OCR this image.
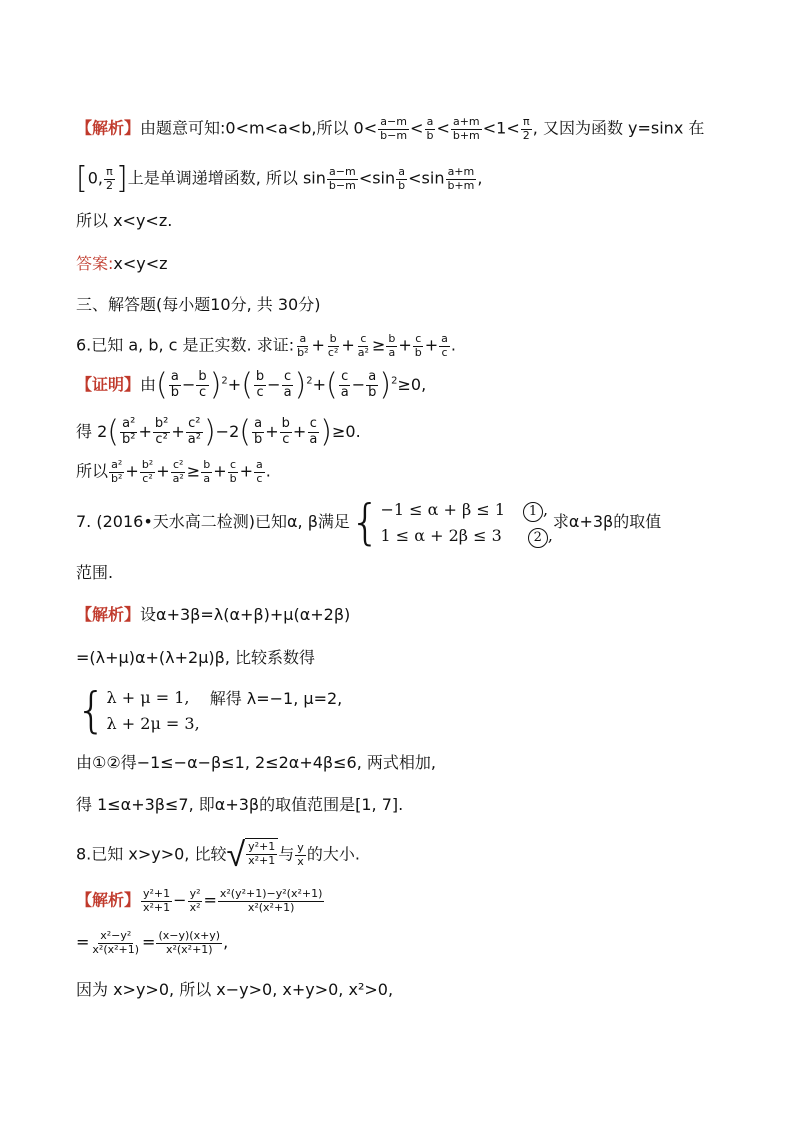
【解析】由题意可知:0<m<a<b,所以 $0< \frac{a-m}{b-m} < \frac{a}{b} < \frac{a+m}{b+m} <1< \frac{\pi}{2}$ , 又因为函数 y=sinx 在
[0, $\frac{\pi}{2}$ ]上是单调递增函数, 所以 $\sin \frac{a-m}{b-m} <\sin \frac{a}{b} <\sin \frac{a+m}{b+m}$ ,
所以 x<y<z.
答案:x<y<z
三、解答题(每小题10分, 共 30分)
6.已知 a, b, c 是正实数. 求证: $\frac{a}{\text{b²}} + \frac{b}{\text{c²}} + \frac{c}{\text{a²}} \ge \frac{b}{a} + \frac{c}{b} + \frac{a}{c}$ .
【证明】由( $\frac{a}{b} - \frac{b}{c} )^2+( \frac{b}{c} - \frac{c}{a} )^2+( \frac{c}{a} - \frac{a}{b} )^2\ge 0$,
得 $2( \frac{\text{a²}}{\text{b²}} + \frac{\text{b²}}{\text{c²}} + \frac{\text{c²}}{\text{a²}} )-2( \frac{a}{b} + \frac{b}{c} + \frac{c}{a} )\ge 0$.
所以 $\frac{\text{a²}}{\text{b²}} + \frac{\text{b²}}{\text{c²}} + \frac{\text{c²}}{\text{a²}} \ge \frac{b}{a} + \frac{c}{b} + \frac{a}{c}$ .
7. (2016•天水高二检测)已知α, β满足{ −1 ≤ α + β ≤ 1 1 ,
1 ≤ α + 2β ≤ 3 2 ,
求α+3β的取值
范围.
【解析】设α+3β=λ(α+β)+μ(α+2β)
=(λ+μ)α+(λ+2μ)β, 比较系数得
{ λ + μ = 1,
λ + 2μ = 3,
解得 λ=−1, μ=2,
由①②得−1≤−α−β≤1, 2≤2α+4β≤6, 两式相加,
得 1≤α+3β≤7, 即α+3β的取值范围是[1, 7].
8.已知 x>y>0, 比较 √ $\frac{\text{y²+1}}{\text{x²+1}}$ 与 $\frac{y}{x}$ 的大小.
【解析】 $\frac{\text{y²+1}}{\text{x²+1}} - \frac{\text{y²}}{\text{x²}} = \frac{\text{x²(y²+1)−y²(x²+1)}}{\text{x²(x²+1)}}$
= $\frac{\text{x²−y²}}{\text{x²(x²+1)}} = \frac{(x-y)(x+y)}{\text{x²(x²+1)}}$ ,
因为 x>y>0, 所以 x−y>0, x+y>0, x²>0,
